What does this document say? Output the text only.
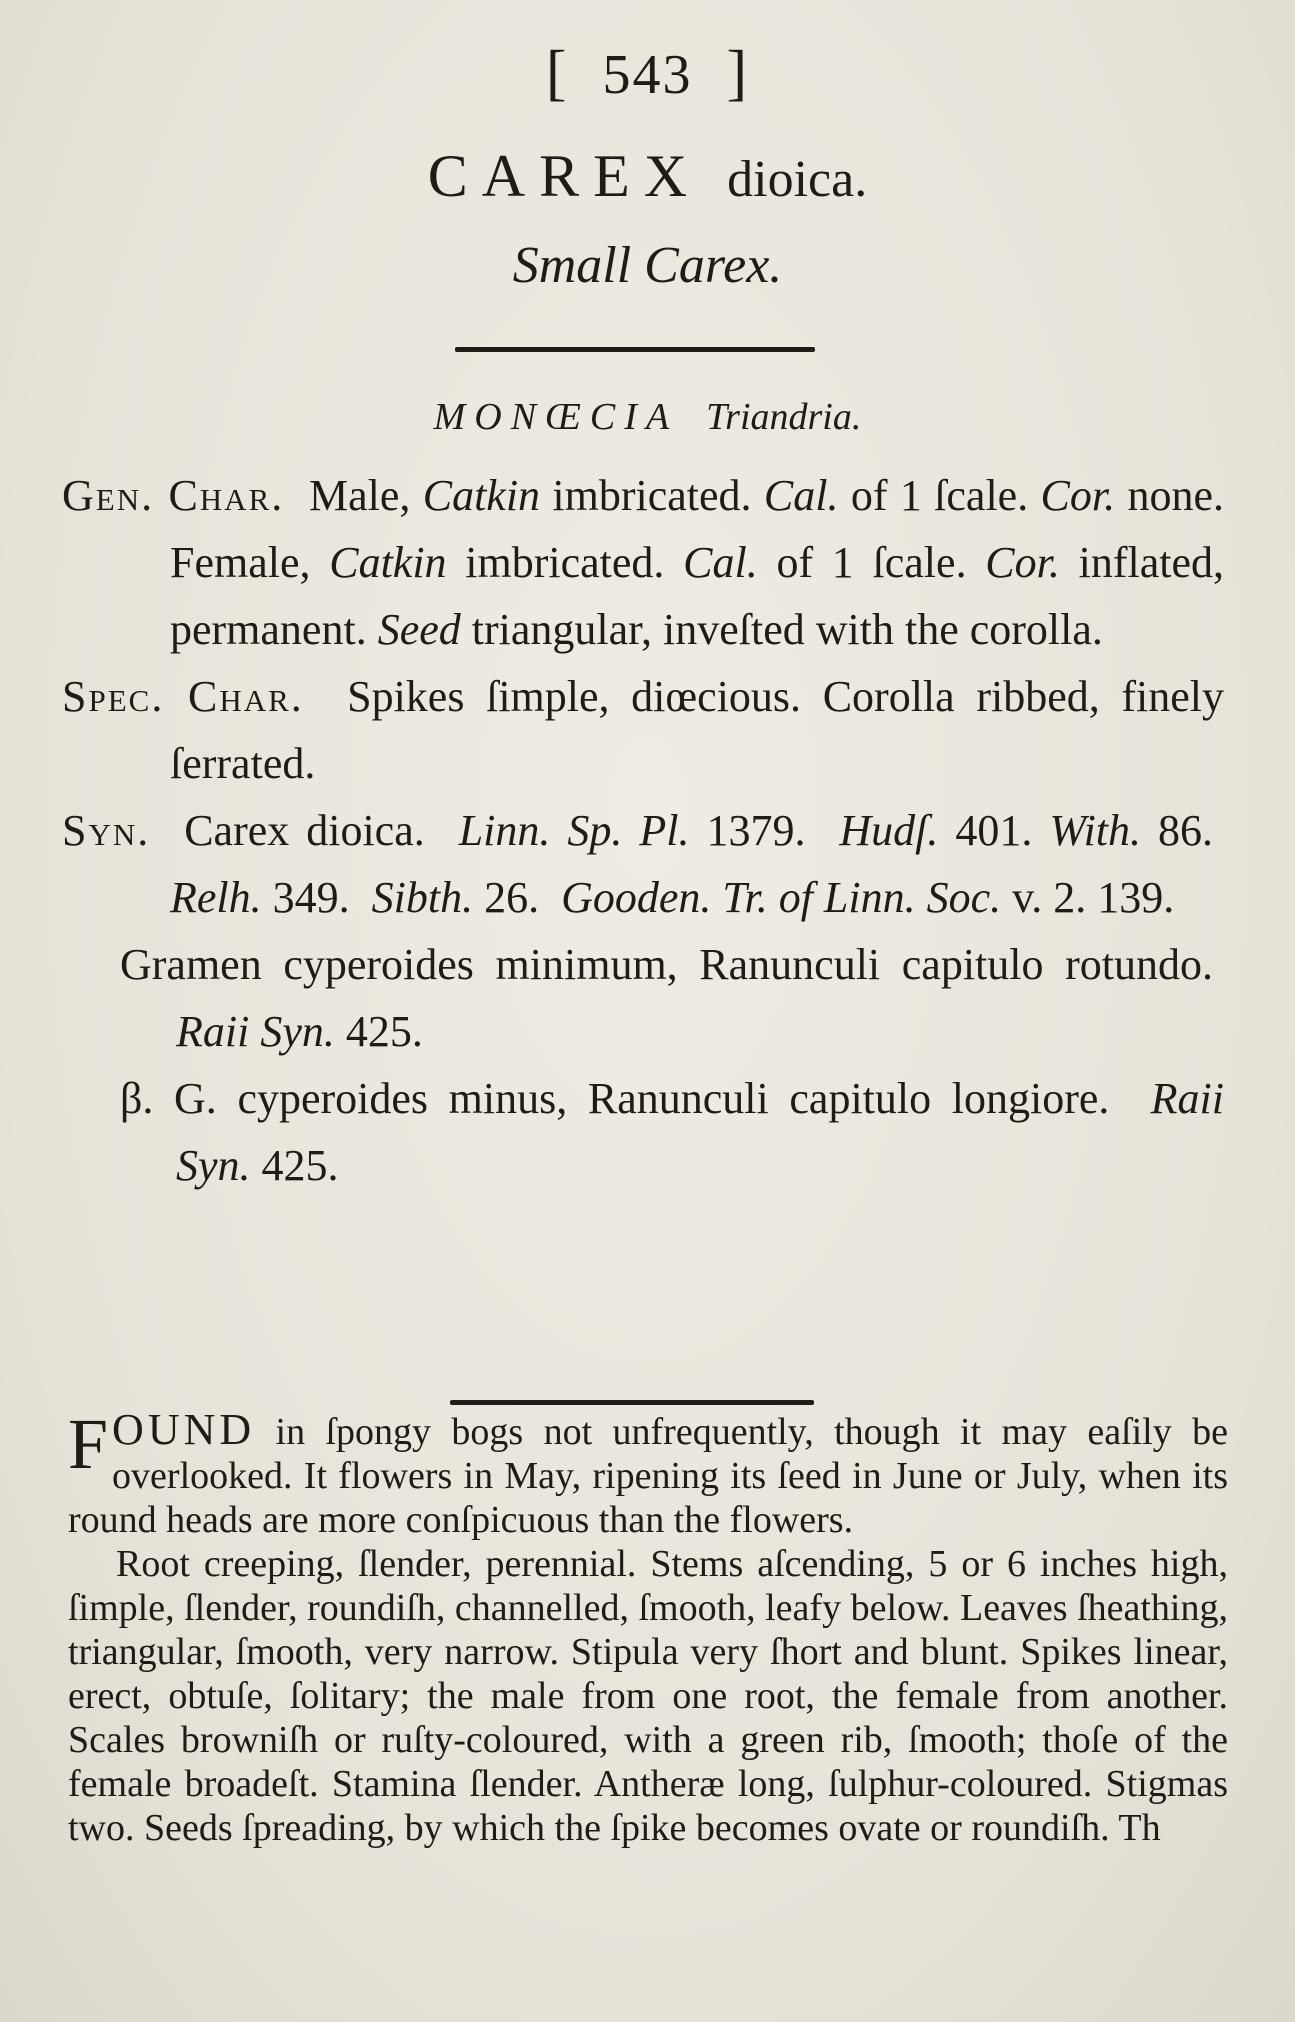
[ 543 ]
CAREX dioica.
Small Carex.
MONŒCIA Triandria.

Gen. Char. Male, Catkin imbricated. Cal. of 1 ſcale. Cor. none. Female, Catkin imbricated. Cal. of 1 ſcale. Cor. inflated, permanent. Seed triangular, inveſted with the corolla.

Spec. Char. Spikes ſimple, diœcious. Corolla ribbed, finely ſerrated.

Syn. Carex dioica. Linn. Sp. Pl. 1379. Hudſ. 401. With. 86.  Relh. 349. Sibth. 26. Gooden. Tr. of Linn. Soc. v. 2. 139.

Gramen cyperoides minimum, Ranunculi capitulo rotundo.  Raii Syn. 425.

β. G. cyperoides minus, Ranunculi capitulo longiore. Raii Syn. 425.

FOUND in ſpongy bogs not unfrequently, though it may eaſily be overlooked. It flowers in May, ripening its ſeed in June or July, when its round heads are more conſpicuous than the flowers.

Root creeping, ſlender, perennial. Stems aſcending, 5 or 6 inches high, ſimple, ſlender, roundiſh, channelled, ſmooth, leafy below. Leaves ſheathing, triangular, ſmooth, very narrow. Stipula very ſhort and blunt. Spikes linear, erect, obtuſe, ſolitary; the male from one root, the female from another. Scales browniſh or ruſty-coloured, with a green rib, ſmooth; thoſe of the female broadeſt. Stamina ſlender. Antheræ long, ſulphur-coloured. Stigmas two. Seeds ſpreading, by which the ſpike becomes ovate or roundiſh. Th
